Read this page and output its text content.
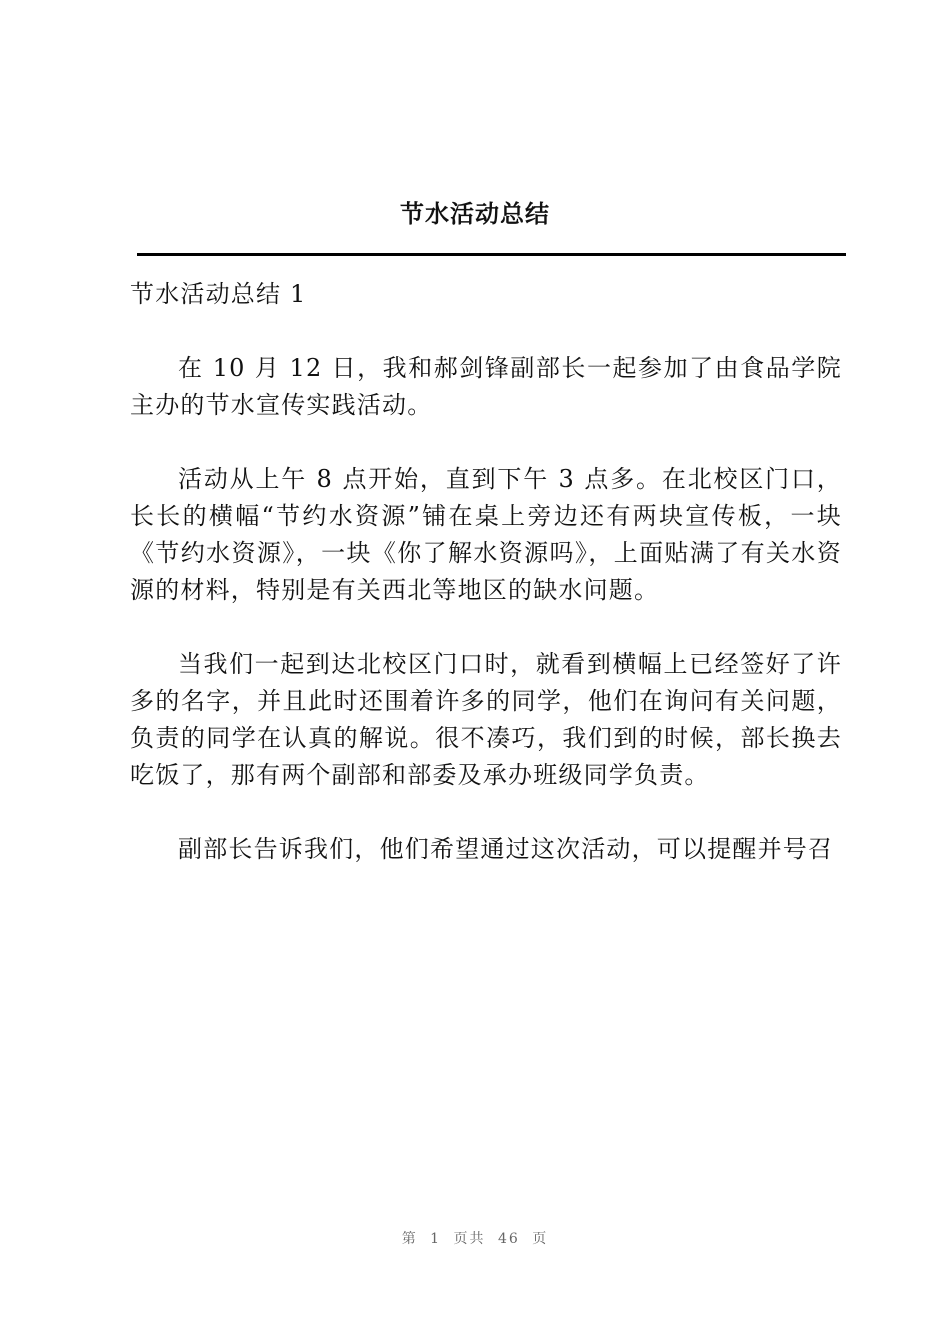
节水活动总结

节水活动总结 1

在 10 月 12 日，我和郝剑锋副部长一起参加了由食品学院主办的节水宣传实践活动。

活动从上午 8 点开始，直到下午 3 点多。在北校区门口，长长的横幅“节约水资源”铺在桌上旁边还有两块宣传板，一块《节约水资源》，一块《你了解水资源吗》，上面贴满了有关水资源的材料，特别是有关西北等地区的缺水问题。

当我们一起到达北校区门口时，就看到横幅上已经签好了许多的名字，并且此时还围着许多的同学，他们在询问有关问题，负责的同学在认真的解说。很不凑巧，我们到的时候，部长换去吃饭了，那有两个副部和部委及承办班级同学负责。

副部长告诉我们，他们希望通过这次活动，可以提醒并号召

第 1 页共 46 页
